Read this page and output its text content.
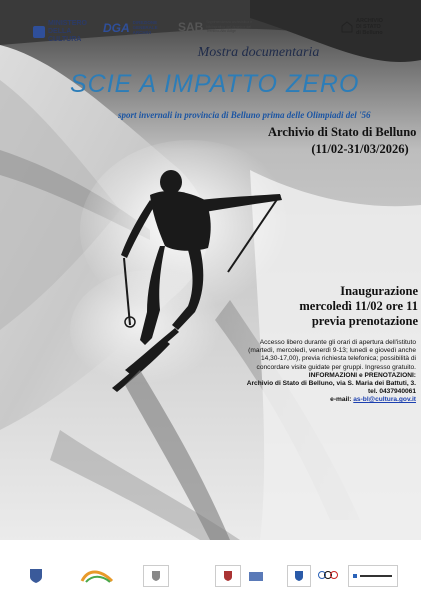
MINISTERO
DELLA
CULTURA
DGA DIREZIONE
GENERALE
ARCHIVI	SAB Soprintendenza archivistica e bibliografica del Veneto e del Trentino-Alto Adige
ARCHIVIO
DI STATO
di Belluno
Mostra documentaria
SCIE A IMPATTO ZERO
sport invernali in provincia di Belluno prima delle Olimpiadi del '56
Archivio di Stato di Belluno
(11/02-31/03/2026)
Inaugurazione
mercoledì 11/02 ore 11
previa prenotazione
Accesso libero durante gli orari di apertura dell'istituto (martedì, mercoledì, venerdì 9-13; lunedì e giovedì anche 14,30-17,00), previa richiesta telefonica; possibilità di concordare visite guidate per gruppi. Ingresso gratuito.
INFORMAZIONI e PRENOTAZIONI:
Archivio di Stato di Belluno, via S. Maria dei Battuti, 3. tel. 0437940061
e-mail: as-bl@cultura.gov.it
